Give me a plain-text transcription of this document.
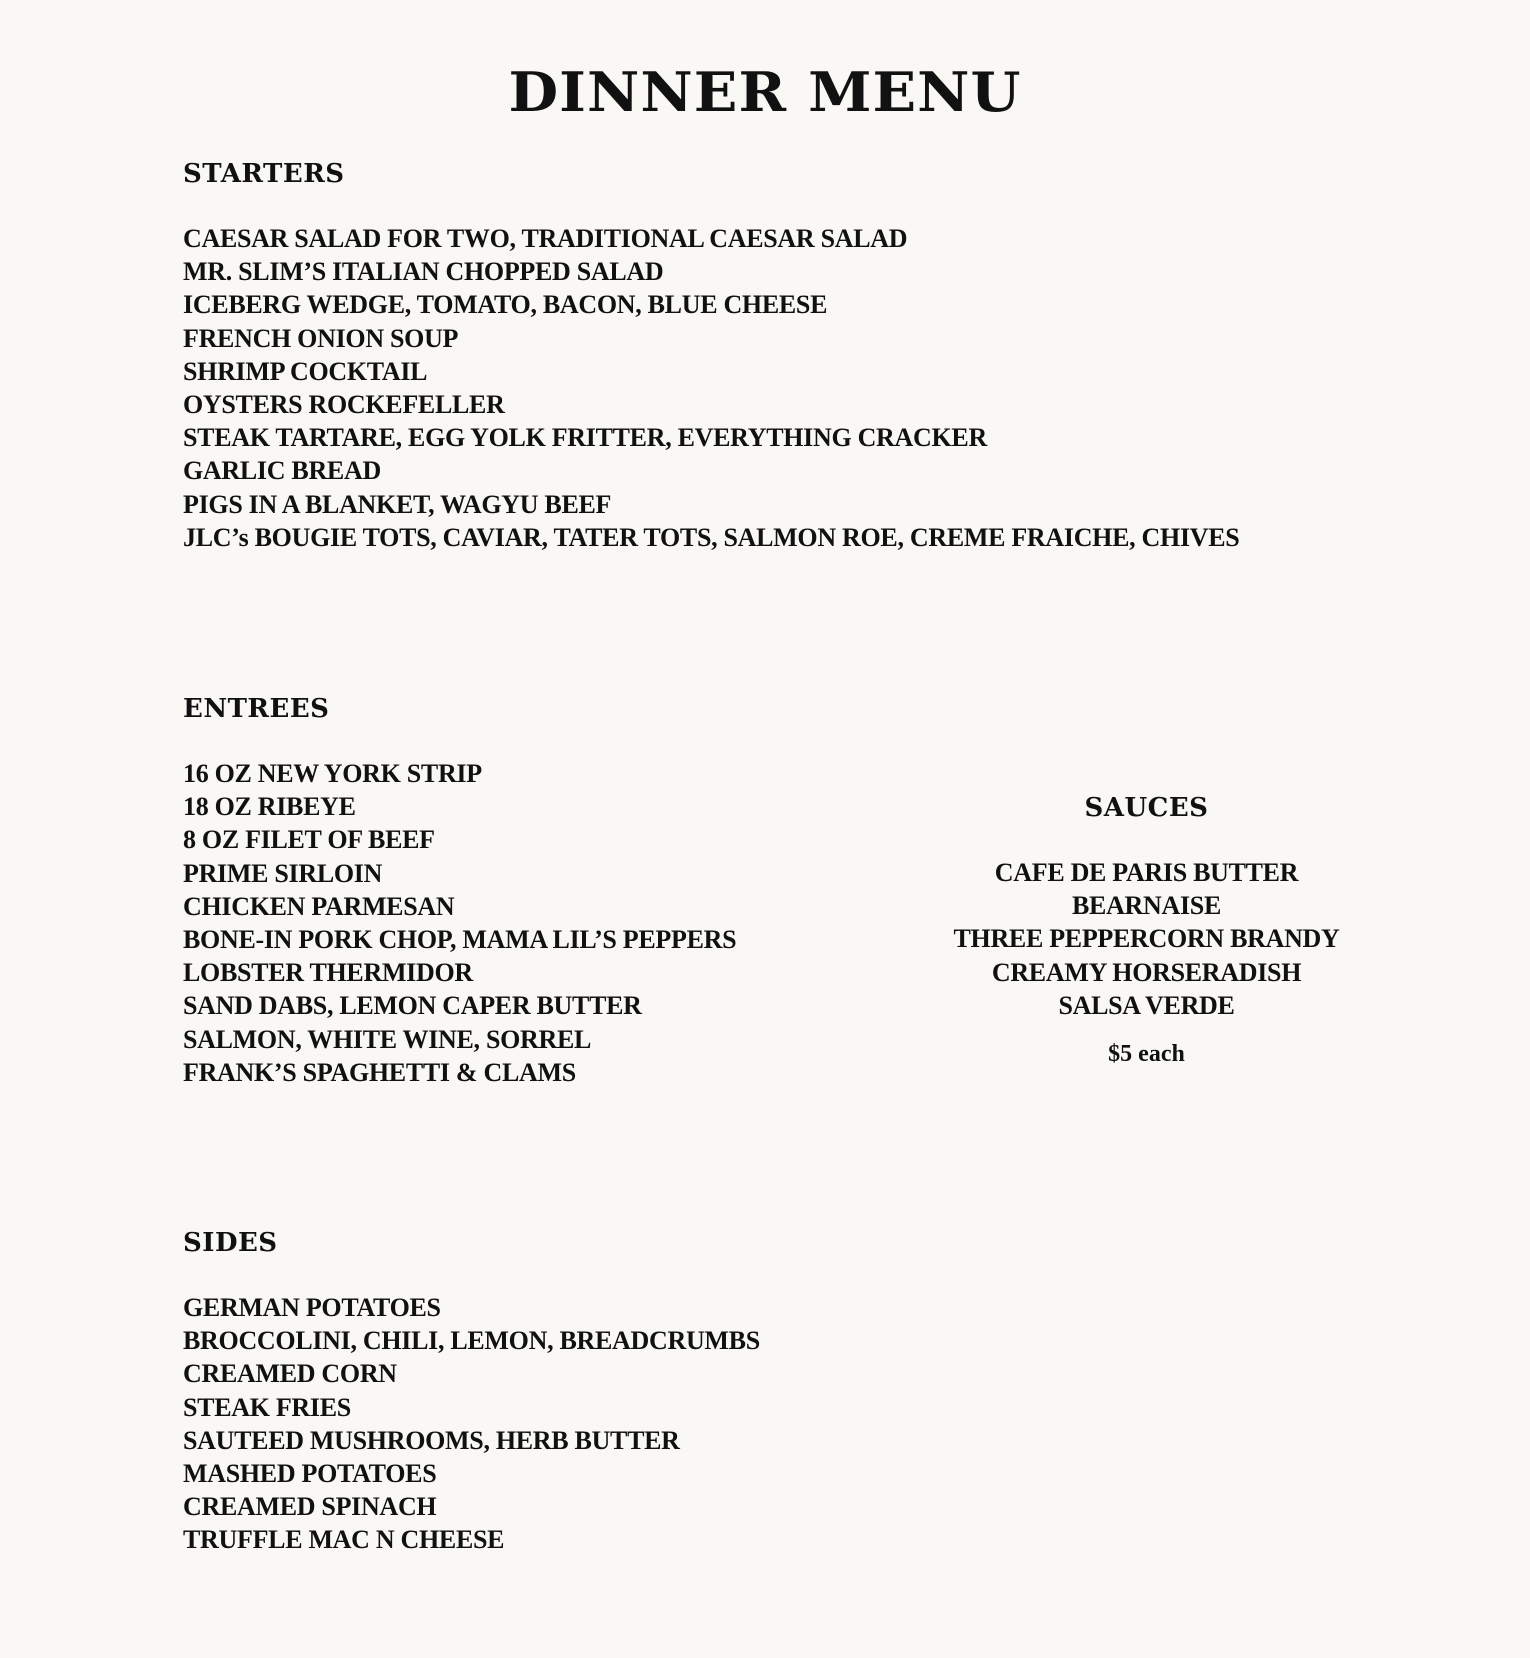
DINNER MENU
STARTERS
CAESAR SALAD FOR TWO, TRADITIONAL CAESAR SALAD
MR. SLIM’S ITALIAN CHOPPED SALAD
ICEBERG WEDGE, TOMATO, BACON, BLUE CHEESE
FRENCH ONION SOUP
SHRIMP COCKTAIL
OYSTERS ROCKEFELLER
STEAK TARTARE, EGG YOLK FRITTER, EVERYTHING CRACKER
GARLIC BREAD
PIGS IN A BLANKET, WAGYU BEEF
JLC’s BOUGIE TOTS, CAVIAR, TATER TOTS, SALMON ROE, CREME FRAICHE, CHIVES
ENTREES
16 OZ NEW YORK STRIP
18 OZ RIBEYE
8 OZ FILET OF BEEF
PRIME SIRLOIN
CHICKEN PARMESAN
BONE-IN PORK CHOP, MAMA LIL’S PEPPERS
LOBSTER THERMIDOR
SAND DABS, LEMON CAPER BUTTER
SALMON, WHITE WINE, SORREL
FRANK’S SPAGHETTI & CLAMS
SAUCES
CAFE DE PARIS BUTTER
BEARNAISE
THREE PEPPERCORN BRANDY
CREAMY HORSERADISH
SALSA VERDE
$5 each
SIDES
GERMAN POTATOES
BROCCOLINI, CHILI, LEMON, BREADCRUMBS
CREAMED CORN
STEAK FRIES
SAUTEED MUSHROOMS, HERB BUTTER
MASHED POTATOES
CREAMED SPINACH
TRUFFLE MAC N CHEESE
